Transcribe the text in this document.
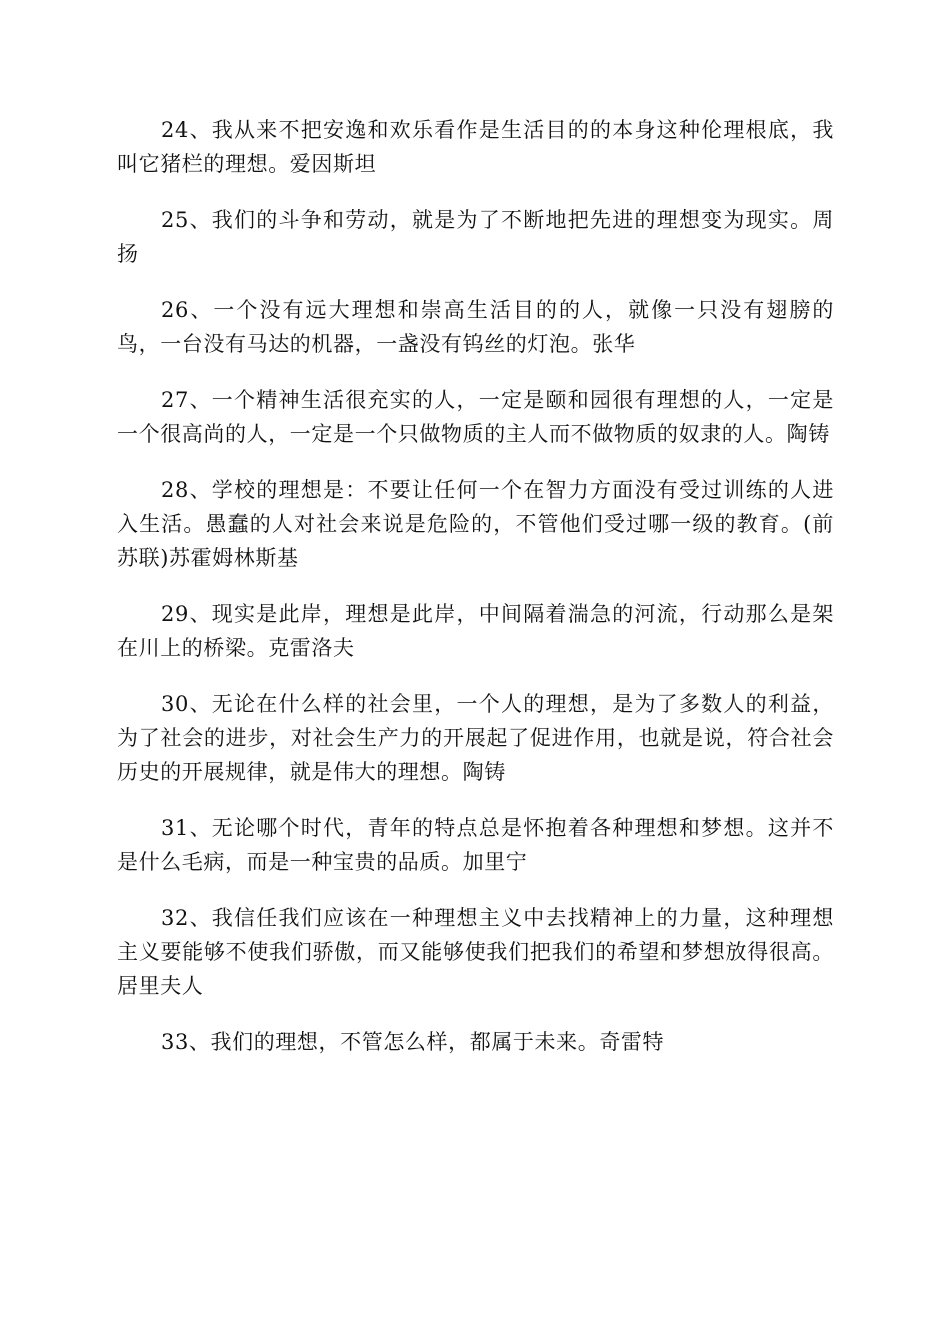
24、我从来不把安逸和欢乐看作是生活目的的本身这种伦理根底，我叫它猪栏的理想。爱因斯坦

25、我们的斗争和劳动，就是为了不断地把先进的理想变为现实。周扬

26、一个没有远大理想和崇高生活目的的人，就像一只没有翅膀的鸟，一台没有马达的机器，一盏没有钨丝的灯泡。张华

27、一个精神生活很充实的人，一定是颐和园很有理想的人，一定是一个很高尚的人，一定是一个只做物质的主人而不做物质的奴隶的人。陶铸

28、学校的理想是：不要让任何一个在智力方面没有受过训练的人进入生活。愚蠢的人对社会来说是危险的，不管他们受过哪一级的教育。(前苏联)苏霍姆林斯基

29、现实是此岸，理想是此岸，中间隔着湍急的河流，行动那么是架在川上的桥梁。克雷洛夫

30、无论在什么样的社会里，一个人的理想，是为了多数人的利益，为了社会的进步，对社会生产力的开展起了促进作用，也就是说，符合社会历史的开展规律，就是伟大的理想。陶铸

31、无论哪个时代，青年的特点总是怀抱着各种理想和梦想。这并不是什么毛病，而是一种宝贵的品质。加里宁

32、我信任我们应该在一种理想主义中去找精神上的力量，这种理想主义要能够不使我们骄傲，而又能够使我们把我们的希望和梦想放得很高。居里夫人

33、我们的理想，不管怎么样，都属于未来。奇雷特
